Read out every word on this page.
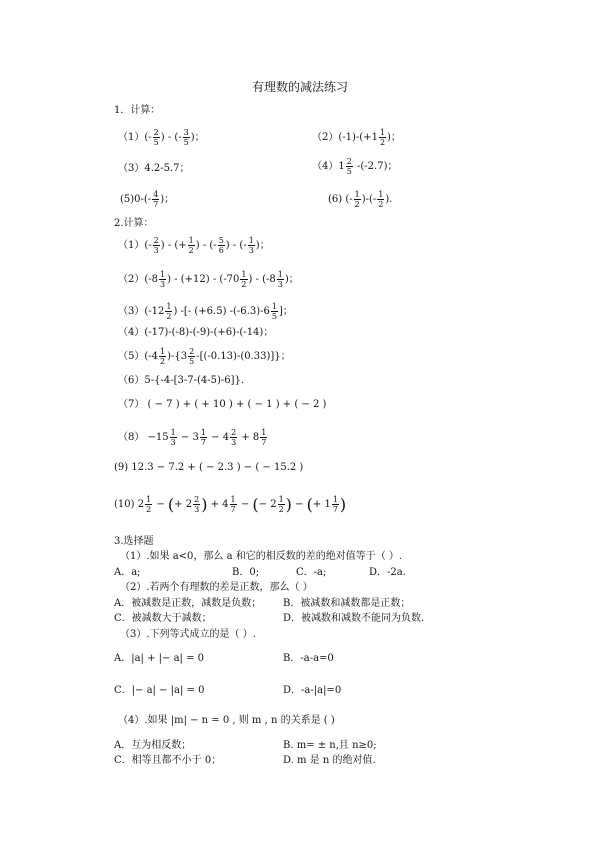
有理数的减法练习
1．计算：
$(1)(- \frac{2}{5}$ ) - (- $\frac{3}{5}$ )；	$(2)(-1)-(+1 \frac{1}{2}$ )；
（3）4.2-5.7；	$(4)1 \frac{2}{5} -(-2.7)$；
$(5)0-(- \frac{4}{7}$ )；	(6) (- $\frac{1}{2}$ )-(- $\frac{1}{2}$ ).
2.计算：
$(1)(- \frac{2}{3}$ ) - (+ $\frac{1}{2}$ ) - (- $\frac{5}{6}$ ) - (- $\frac{1}{3}$ )；
$(2)(-8 \frac{1}{3}$ ) - $(+12) - (-70 \frac{1}{2}$ ) - ($-8 \frac{1}{3}$ )；
$(3)(-12 \frac{1}{2}$ ) -[- (+6.5) $-(-6.3)-6 \frac{1}{5}$ ]；
（4）(-17)-(-8)-(-9)-(+6)-(-14)；
$(5)(-4 \frac{1}{2} )-\{3 \frac{2}{5} -[(-0.13)-(0.33)]\}$；
（6）5-{-4-[3-7-(4-5)-6]}.
（7） ( − 7 ) + ( + 10 ) + ( − 1 ) + ( − 2 )
$(8) -15 \frac{1}{3} - 3 \frac{1}{7} - 4 \frac{2}{3} + 8 \frac{1}{7}$
(9) 12.3 − 7.2 + ( − 2.3 ) − ( − 15.2 )
(10) $2 \frac{1}{2}$ − (+ $2 \frac{2}{3}$ ) + $4 \frac{1}{7}$ − (− $2 \frac{1}{2}$ ) − (+ $1 \frac{1}{7}$ )
3.选择题
（1）.如果 a<0，那么 a 和它的相反数的差的绝对值等于（ ）.
A．a;	B．0;	C．-a;	D．-2a.
（2）.若两个有理数的差是正数，那么（ ）
A．被减数是正数，减数是负数； B．被减数和减数都是正数；
C．被减数大于减数；	D．被减数和减数不能同为负数.
（3）.下列等式成立的是（ ）.
A．|a| + |− a| = 0	B．-a-a=0
C．|− a| − |a| = 0	D．-a-|a|=0
（4）.如果 |m| − n = 0 , 则 m , n 的关系是 ( )
A．互为相反数；	B. m= ± n,且 n≥0;
C．相等且都不小于 0；	D. m 是 n 的绝对值.
